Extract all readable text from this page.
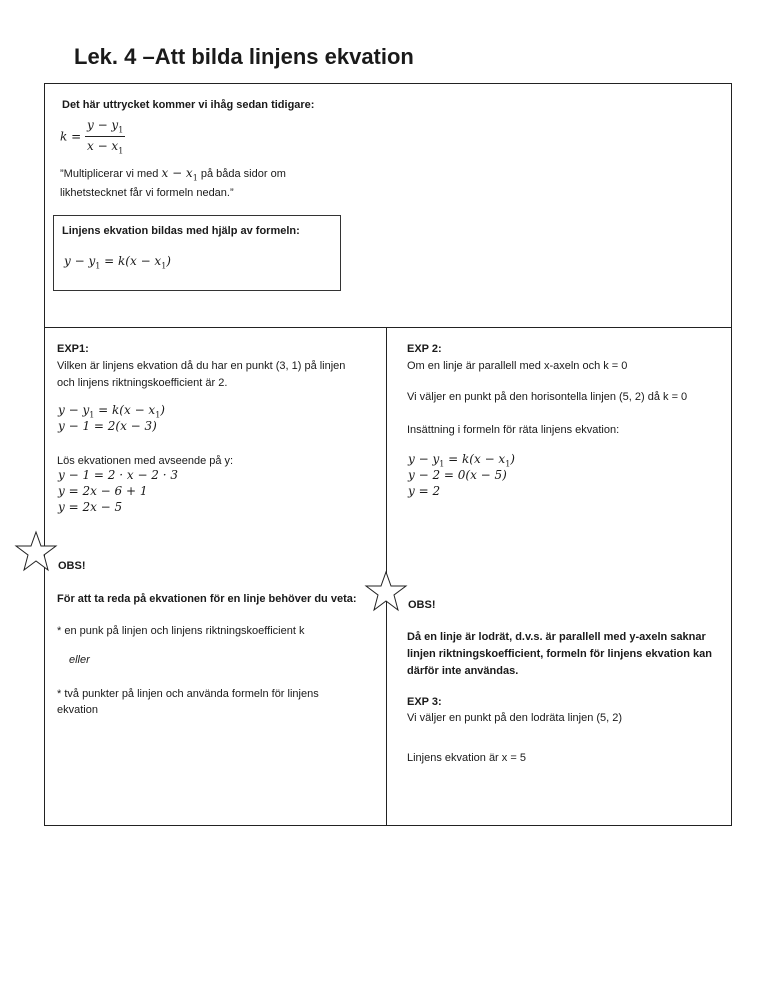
Lek. 4 –Att bilda linjens ekvation
Det här uttrycket kommer vi ihåg sedan tidigare:
$k = \frac{y - y_1}{x - x_1}$
”Multiplicerar vi med $x - x_1$ på båda sidor om
likhetstecknet får vi formeln nedan.”
Linjens ekvation bildas med hjälp av formeln:
$y - y_1 = k(x - x_1)$
EXP1:
Vilken är linjens ekvation då du har en punkt (3, 1) på linjen
och linjens riktningskoefficient är 2.
$y - y_1 = k(x - x_1)$
y − 1 = 2(x − 3)
Lös ekvationen med avseende på y:
y − 1 = 2 · x − 2 · 3
y = 2x − 6 + 1
y = 2x − 5
EXP 2:
Om en linje är parallell med x-axeln och k = 0
Vi väljer en punkt på den horisontella linjen (5, 2) då k = 0
Insättning i formeln för räta linjens ekvation:
$y - y_1 = k(x - x_1)$
y − 2 = 0(x − 5)
y = 2
OBS!
För att ta reda på ekvationen för en linje behöver du veta:
* en punk på linjen och linjens riktningskoefficient k
eller
* två punkter på linjen och använda formeln för linjens
ekvation
OBS!
Då en linje är lodrät, d.v.s. är parallell med y-axeln saknar
linjen riktningskoefficient, formeln för linjens ekvation kan
därför inte användas.
EXP 3:
Vi väljer en punkt på den lodräta linjen (5, 2)
Linjens ekvation är x = 5
